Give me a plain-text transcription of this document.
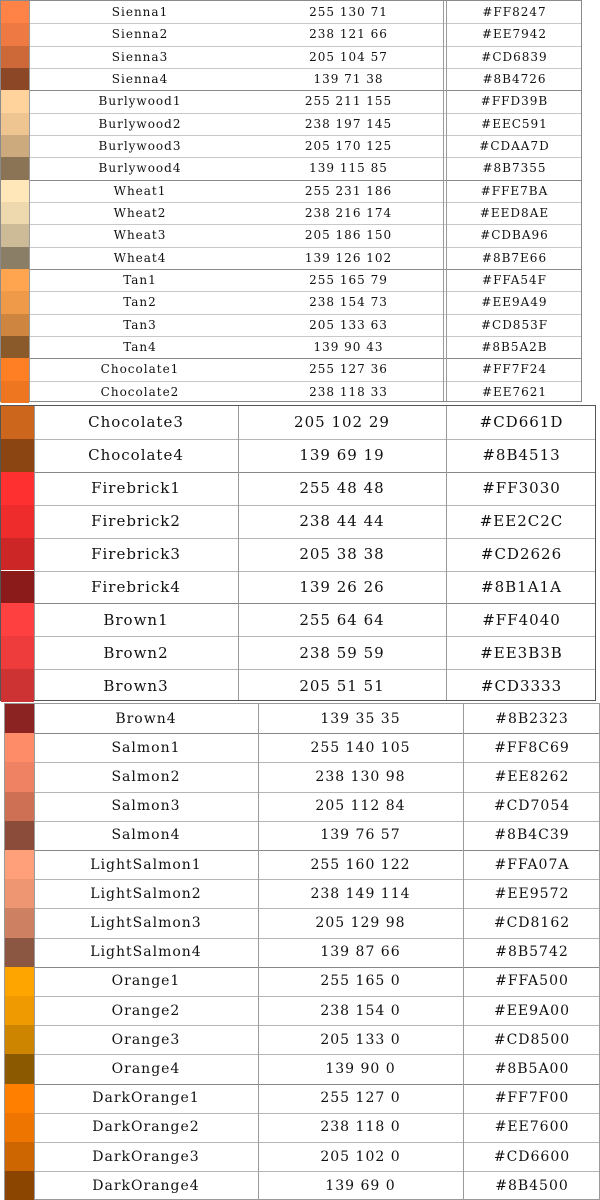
Sienna1	255 130 71	#FF8247
Sienna2	238 121 66	#EE7942
Sienna3	205 104 57	#CD6839
Sienna4	139 71 38	#8B4726
Burlywood1	255 211 155	#FFD39B
Burlywood2	238 197 145	#EEC591
Burlywood3	205 170 125	#CDAA7D
Burlywood4	139 115 85	#8B7355
Wheat1	255 231 186	#FFE7BA
Wheat2	238 216 174	#EED8AE
Wheat3	205 186 150	#CDBA96
Wheat4	139 126 102	#8B7E66
Tan1	255 165 79	#FFA54F
Tan2	238 154 73	#EE9A49
Tan3	205 133 63	#CD853F
Tan4	139 90 43	#8B5A2B
Chocolate1	255 127 36	#FF7F24
Chocolate2	238 118 33	#EE7621
Chocolate3	205 102 29	#CD661D
Chocolate4	139 69 19	#8B4513
Firebrick1	255 48 48	#FF3030
Firebrick2	238 44 44	#EE2C2C
Firebrick3	205 38 38	#CD2626
Firebrick4	139 26 26	#8B1A1A
Brown1	255 64 64	#FF4040
Brown2	238 59 59	#EE3B3B
Brown3	205 51 51	#CD3333
Brown4	139 35 35	#8B2323
Salmon1	255 140 105	#FF8C69
Salmon2	238 130 98	#EE8262
Salmon3	205 112 84	#CD7054
Salmon4	139 76 57	#8B4C39
LightSalmon1	255 160 122	#FFA07A
LightSalmon2	238 149 114	#EE9572
LightSalmon3	205 129 98	#CD8162
LightSalmon4	139 87 66	#8B5742
Orange1	255 165 0	#FFA500
Orange2	238 154 0	#EE9A00
Orange3	205 133 0	#CD8500
Orange4	139 90 0	#8B5A00
DarkOrange1	255 127 0	#FF7F00
DarkOrange2	238 118 0	#EE7600
DarkOrange3	205 102 0	#CD6600
DarkOrange4	139 69 0	#8B4500
